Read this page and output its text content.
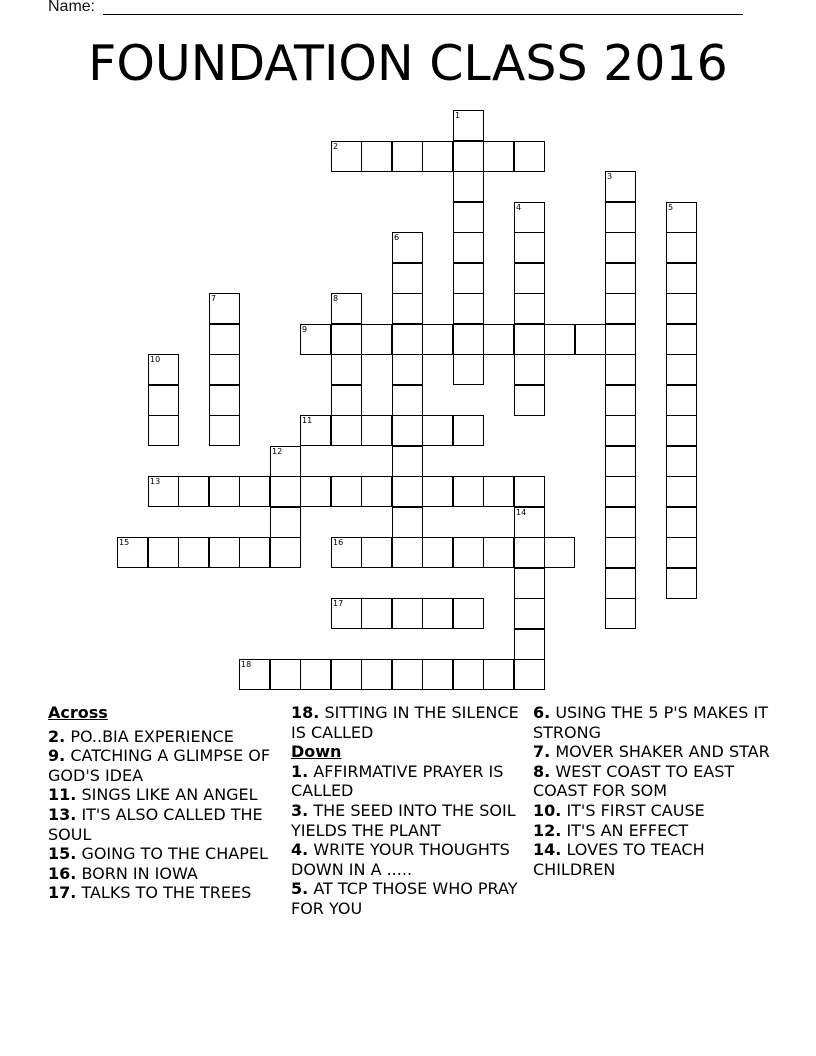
Name:
FOUNDATION CLASS 2016
1
2
3
4	5
6
7	8
9
10
11
12
13
14
15	16
17
18

Across

2. PO..BIA EXPERIENCE

9. CATCHING A GLIMPSE OF GOD'S IDEA

11. SINGS LIKE AN ANGEL

13. IT'S ALSO CALLED THE SOUL

15. GOING TO THE CHAPEL

16. BORN IN IOWA

17. TALKS TO THE TREES

18. SITTING IN THE SILENCE IS CALLED

Down

1. AFFIRMATIVE PRAYER IS CALLED

3. THE SEED INTO THE SOIL YIELDS THE PLANT

4. WRITE YOUR THOUGHTS DOWN IN A .....

5. AT TCP THOSE WHO PRAY FOR YOU

6. USING THE 5 P'S MAKES IT STRONG

7. MOVER SHAKER AND STAR

8. WEST COAST TO EAST COAST FOR SOM

10. IT'S FIRST CAUSE

12. IT'S AN EFFECT

14. LOVES TO TEACH CHILDREN
